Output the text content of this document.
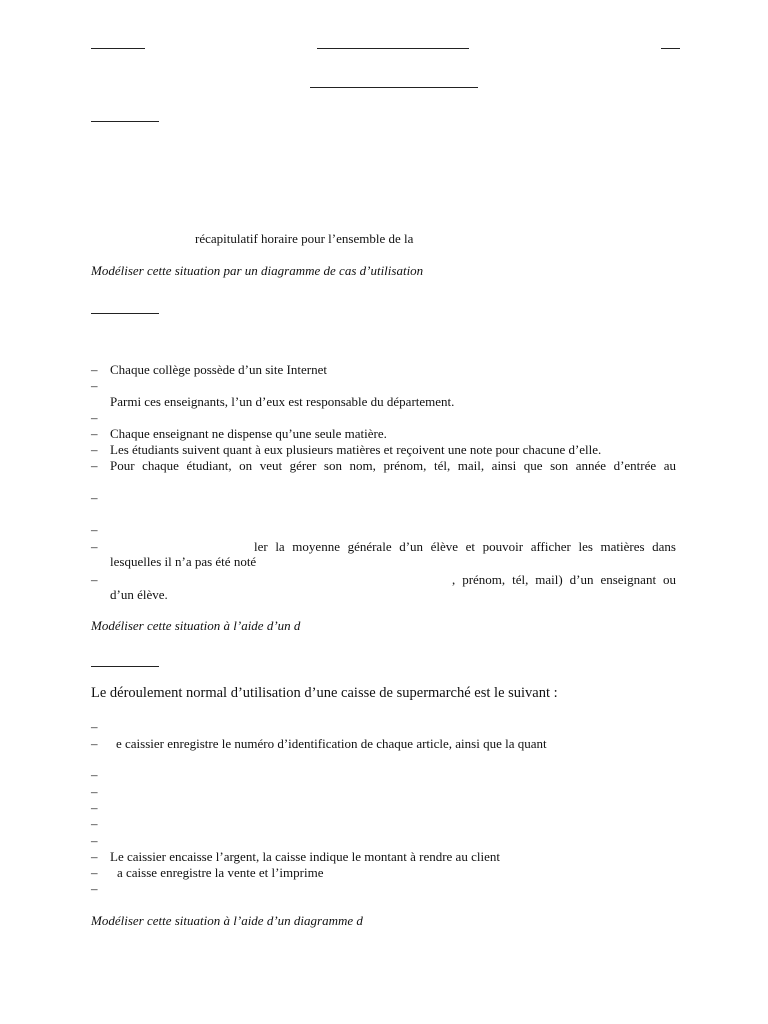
récapitulatif horaire pour l’ensemble de la
Modéliser cette situation par un diagramme de cas d’utilisation
– Chaque collège possède d’un site Internet
–
Parmi ces enseignants, l’un d’eux est responsable du département.
–
– Chaque enseignant ne dispense qu’une seule matière.
– Les étudiants suivent quant à eux plusieurs matières et reçoivent une note pour chacune d’elle.
– Pour chaque étudiant, on veut gérer son nom, prénom, tél, mail, ainsi que son année d’entrée au
–
–
–	ler la moyenne générale d’un élève et pouvoir afficher les matières dans
lesquelles il n’a pas été noté
–	, prénom, tél, mail) d’un enseignant ou
d’un élève.
Modéliser cette situation à l’aide d’un d
Le déroulement normal d’utilisation d’une caisse de supermarché est le suivant :
–
– e caissier enregistre le numéro d’identification de chaque article, ainsi que la quant
–
–
–
–
–
– Le caissier encaisse l’argent, la caisse indique le montant à rendre au client
– a caisse enregistre la vente et l’imprime
–
Modéliser cette situation à l’aide d’un diagramme d
